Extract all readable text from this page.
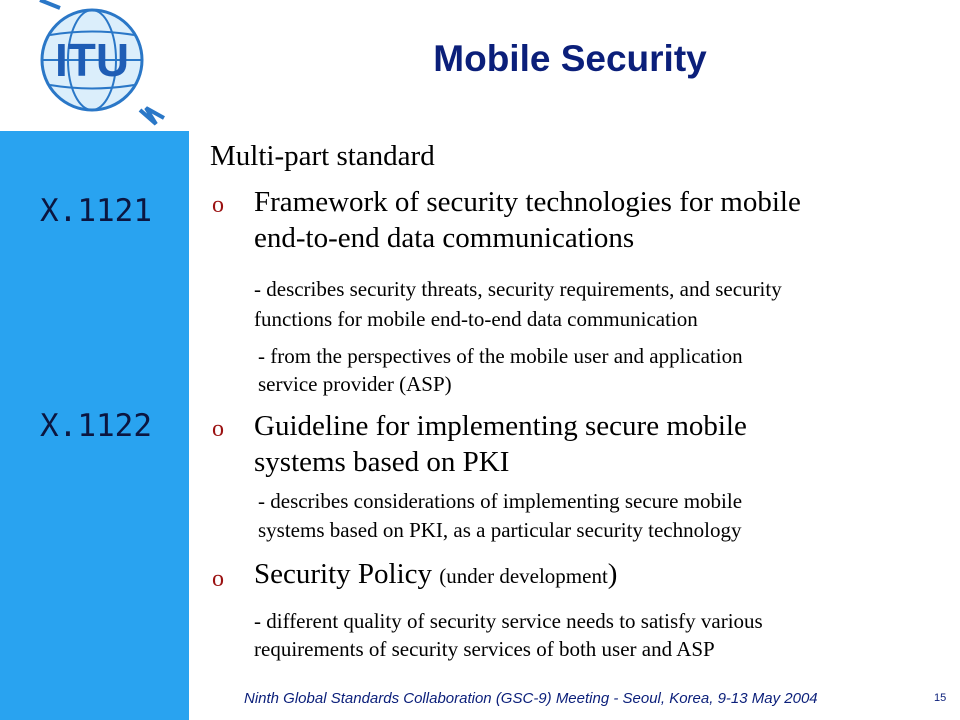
ITU
X.1121
X.1122
Mobile Security
Multi-part standard
o Framework of security technologies for mobile
end-to-end data communications
- describes security threats, security requirements, and security
functions for mobile end-to-end data communication
- from the perspectives of the mobile user and application
service provider (ASP)
o Guideline for implementing secure mobile
systems based on PKI
- describes considerations of implementing secure mobile
systems based on PKI, as a particular security technology
o Security Policy (under development)
- different quality of security service needs to satisfy various
requirements of security services of both user and ASP
Ninth Global Standards Collaboration (GSC-9) Meeting - Seoul, Korea, 9-13 May 2004	15
